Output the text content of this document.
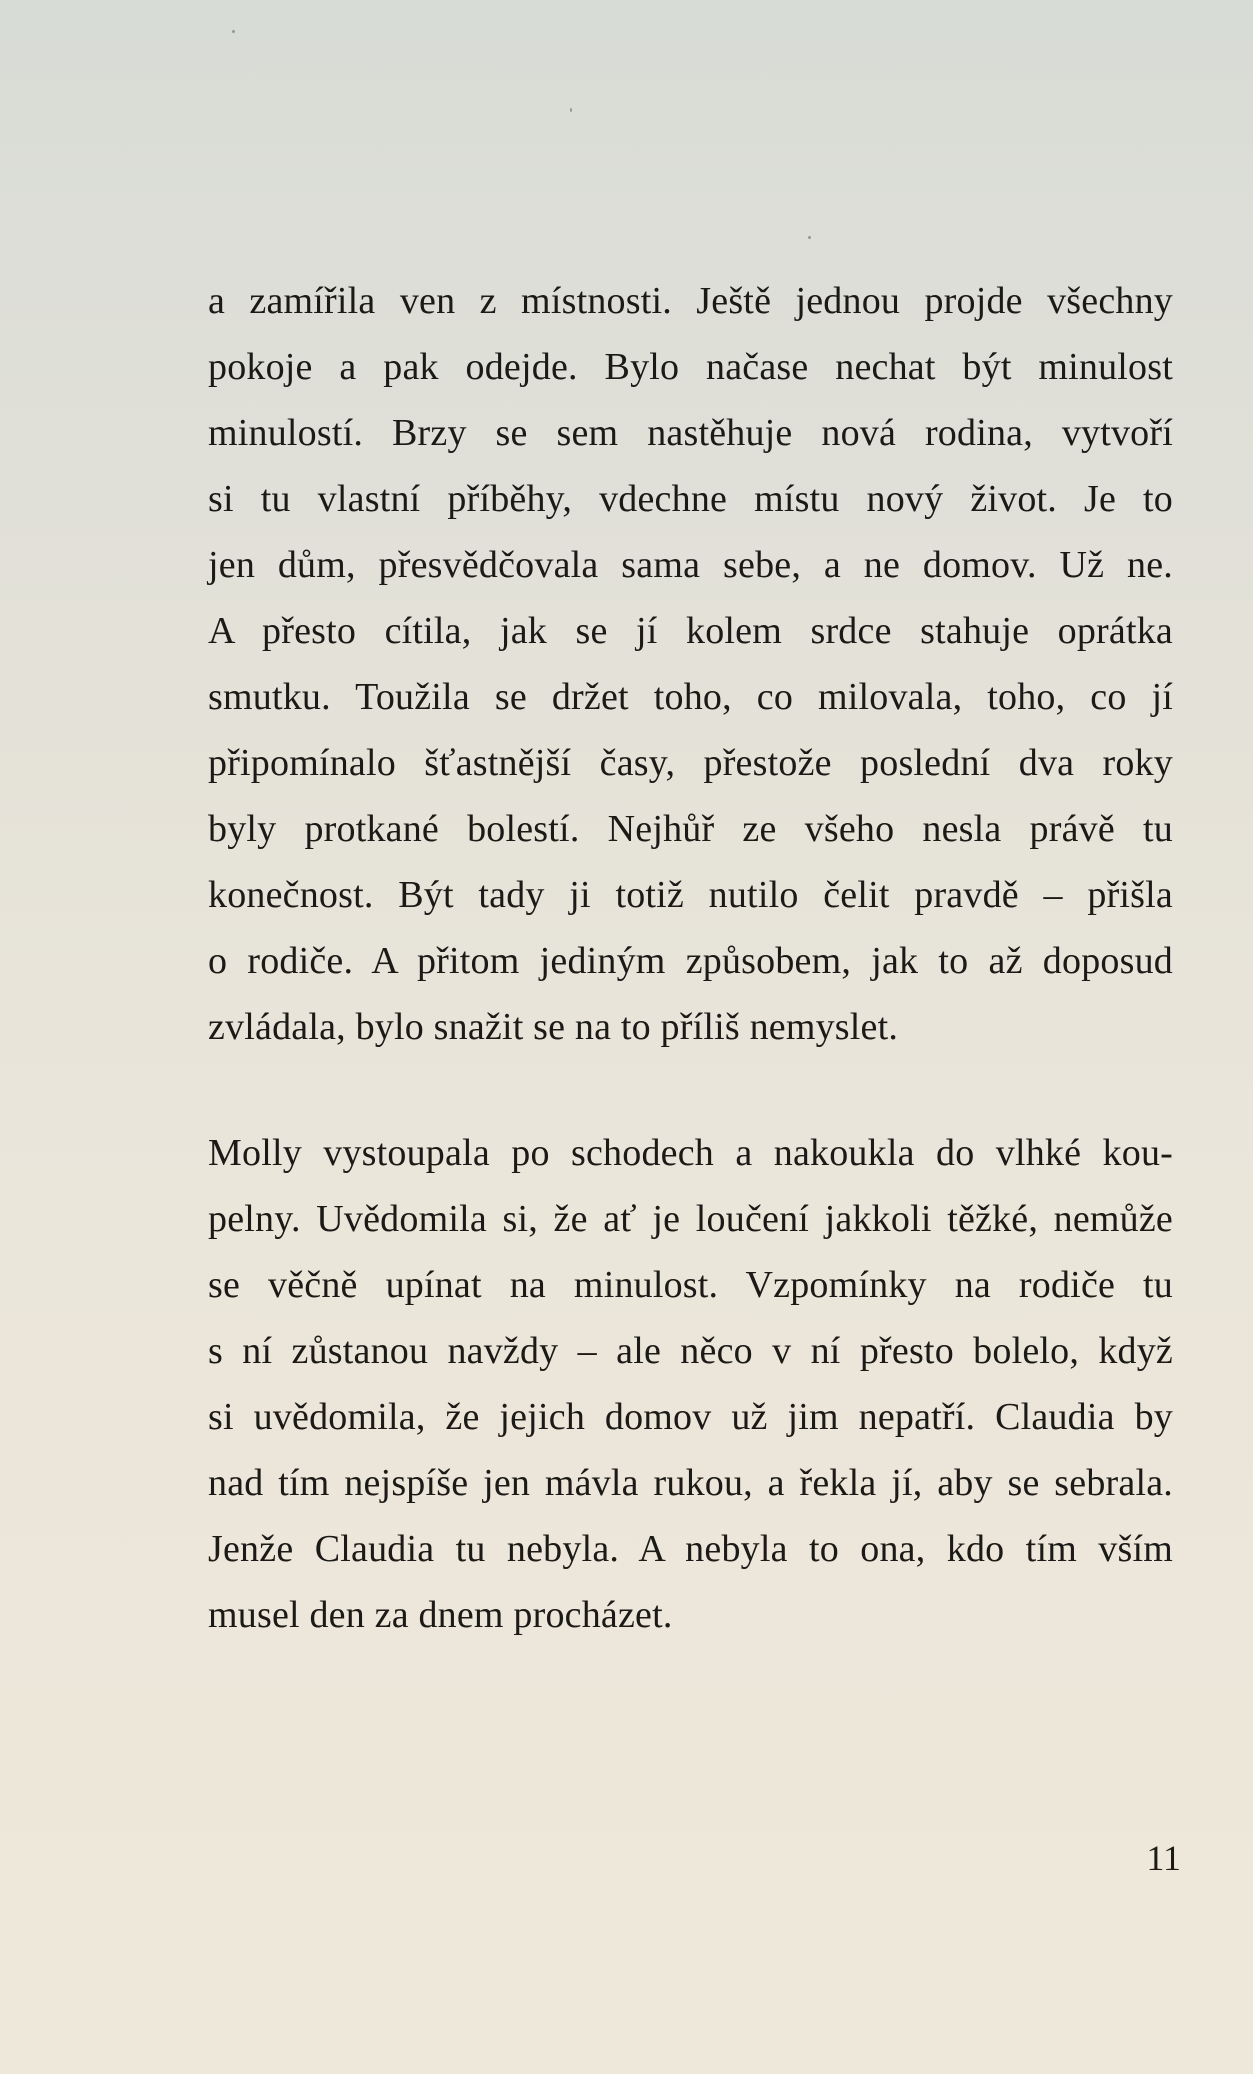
a zamířila ven z místnosti. Ještě jednou projde všechny
pokoje a pak odejde. Bylo načase nechat být minulost
minulostí. Brzy se sem nastěhuje nová rodina, vytvoří
si tu vlastní příběhy, vdechne místu nový život. Je to
jen dům, přesvědčovala sama sebe, a ne domov. Už ne.
A přesto cítila, jak se jí kolem srdce stahuje oprátka
smutku. Toužila se držet toho, co milovala, toho, co jí
připomínalo šťastnější časy, přestože poslední dva roky
byly protkané bolestí. Nejhůř ze všeho nesla právě tu
konečnost. Být tady ji totiž nutilo čelit pravdě – přišla
o rodiče. A přitom jediným způsobem, jak to až doposud
zvládala, bylo snažit se na to příliš nemyslet.
Molly vystoupala po schodech a nakoukla do vlhké kou-
pelny. Uvědomila si, že ať je loučení jakkoli těžké, nemůže
se věčně upínat na minulost. Vzpomínky na rodiče tu
s ní zůstanou navždy – ale něco v ní přesto bolelo, když
si uvědomila, že jejich domov už jim nepatří. Claudia by
nad tím nejspíše jen mávla rukou, a řekla jí, aby se sebrala.
Jenže Claudia tu nebyla. A nebyla to ona, kdo tím vším
musel den za dnem procházet.
11
